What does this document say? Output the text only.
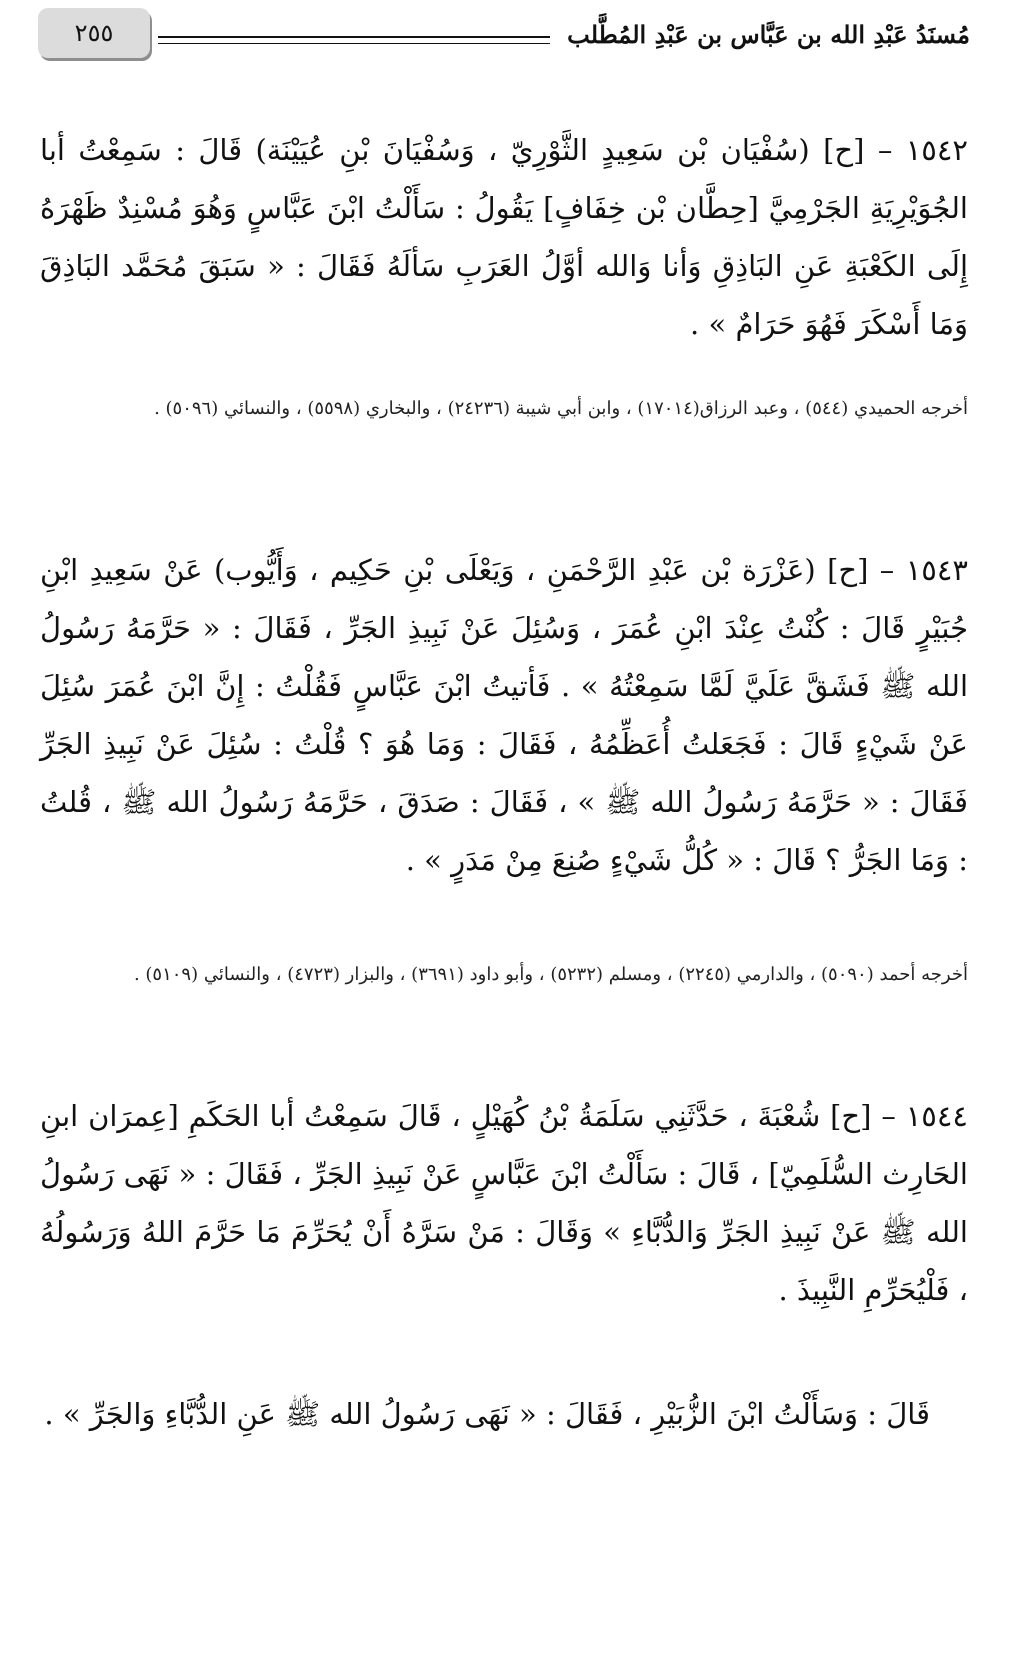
مُسنَدُ عَبْدِ الله بن عَبَّاس بن عَبْدِ المُطَّلب
٢٥٥

١٥٤٢ – [ح] (سُفْيَان بْن سَعِيدٍ الثَّوْرِيّ ، وَسُفْيَانَ بْنِ عُيَيْنَة) قَالَ : سَمِعْتُ أبا الجُوَيْرِيَةِ الجَرْمِيَّ [حِطَّان بْن خِفَافٍ] يَقُولُ : سَأَلْتُ ابْنَ عَبَّاسٍ وَهُوَ مُسْنِدٌ ظَهْرَهُ إِلَى الكَعْبَةِ عَنِ البَاذِقِ وَأنا وَالله أوَّلُ العَرَبِ سَألَهُ فَقَالَ : « سَبَقَ مُحَمَّد البَاذِقَ وَمَا أَسْكَرَ فَهُوَ حَرَامٌ » .

أخرجه الحميدي (٥٤٤) ، وعبد الرزاق(١٧٠١٤) ، وابن أبي شيبة (٢٤٢٣٦) ، والبخاري (٥٥٩٨) ، والنسائي (٥٠٩٦) .

١٥٤٣ – [ح] (عَزْرَة بْن عَبْدِ الرَّحْمَنِ ، وَيَعْلَى بْنِ حَكِيم ، وَأَيُّوب) عَنْ سَعِيدِ ابْنِ جُبَيْرٍ قَالَ : كُنْتُ عِنْدَ ابْنِ عُمَرَ ، وَسُئِلَ عَنْ نَبِيذِ الجَرِّ ، فَقَالَ : « حَرَّمَهُ رَسُولُ الله ﷺ فَشَقَّ عَلَيَّ لَمَّا سَمِعْتُهُ » . فَأتيتُ ابْنَ عَبَّاسٍ فَقُلْتُ : إِنَّ ابْنَ عُمَرَ سُئِلَ عَنْ شَيْءٍ قَالَ : فَجَعَلتُ أُعَظِّمُهُ ، فَقَالَ : وَمَا هُوَ ؟ قُلْتُ : سُئِلَ عَنْ نَبِيذِ الجَرِّ فَقَالَ : « حَرَّمَهُ رَسُولُ الله ﷺ » ، فَقَالَ : صَدَقَ ، حَرَّمَهُ رَسُولُ الله ﷺ ، قُلتُ : وَمَا الجَرُّ ؟ قَالَ : « كُلُّ شَيْءٍ صُنِعَ مِنْ مَدَرٍ » .

أخرجه أحمد (٥٠٩٠) ، والدارمي (٢٢٤٥) ، ومسلم (٥٢٣٢) ، وأبو داود (٣٦٩١) ، والبزار (٤٧٢٣) ، والنسائي (٥١٠٩) .

١٥٤٤ – [ح] شُعْبَةَ ، حَدَّثَنِي سَلَمَةُ بْنُ كُهَيْلٍ ، قَالَ سَمِعْتُ أبا الحَكَمِ [عِمرَان ابنِ الحَارِث السُّلَمِيّ] ، قَالَ : سَأَلْتُ ابْنَ عَبَّاسٍ عَنْ نَبِيذِ الجَرِّ ، فَقَالَ : « نَهَى رَسُولُ الله ﷺ عَنْ نَبِيذِ الجَرِّ وَالدُّبَّاءِ » وَقَالَ : مَنْ سَرَّهُ أَنْ يُحَرِّمَ مَا حَرَّمَ اللهُ وَرَسُولُهُ ، فَلْيُحَرِّمِ النَّبِيذَ .

قَالَ : وَسَأَلْتُ ابْنَ الزُّبَيْرِ ، فَقَالَ : « نَهَى رَسُولُ الله ﷺ عَنِ الدُّبَّاءِ وَالجَرِّ » .
